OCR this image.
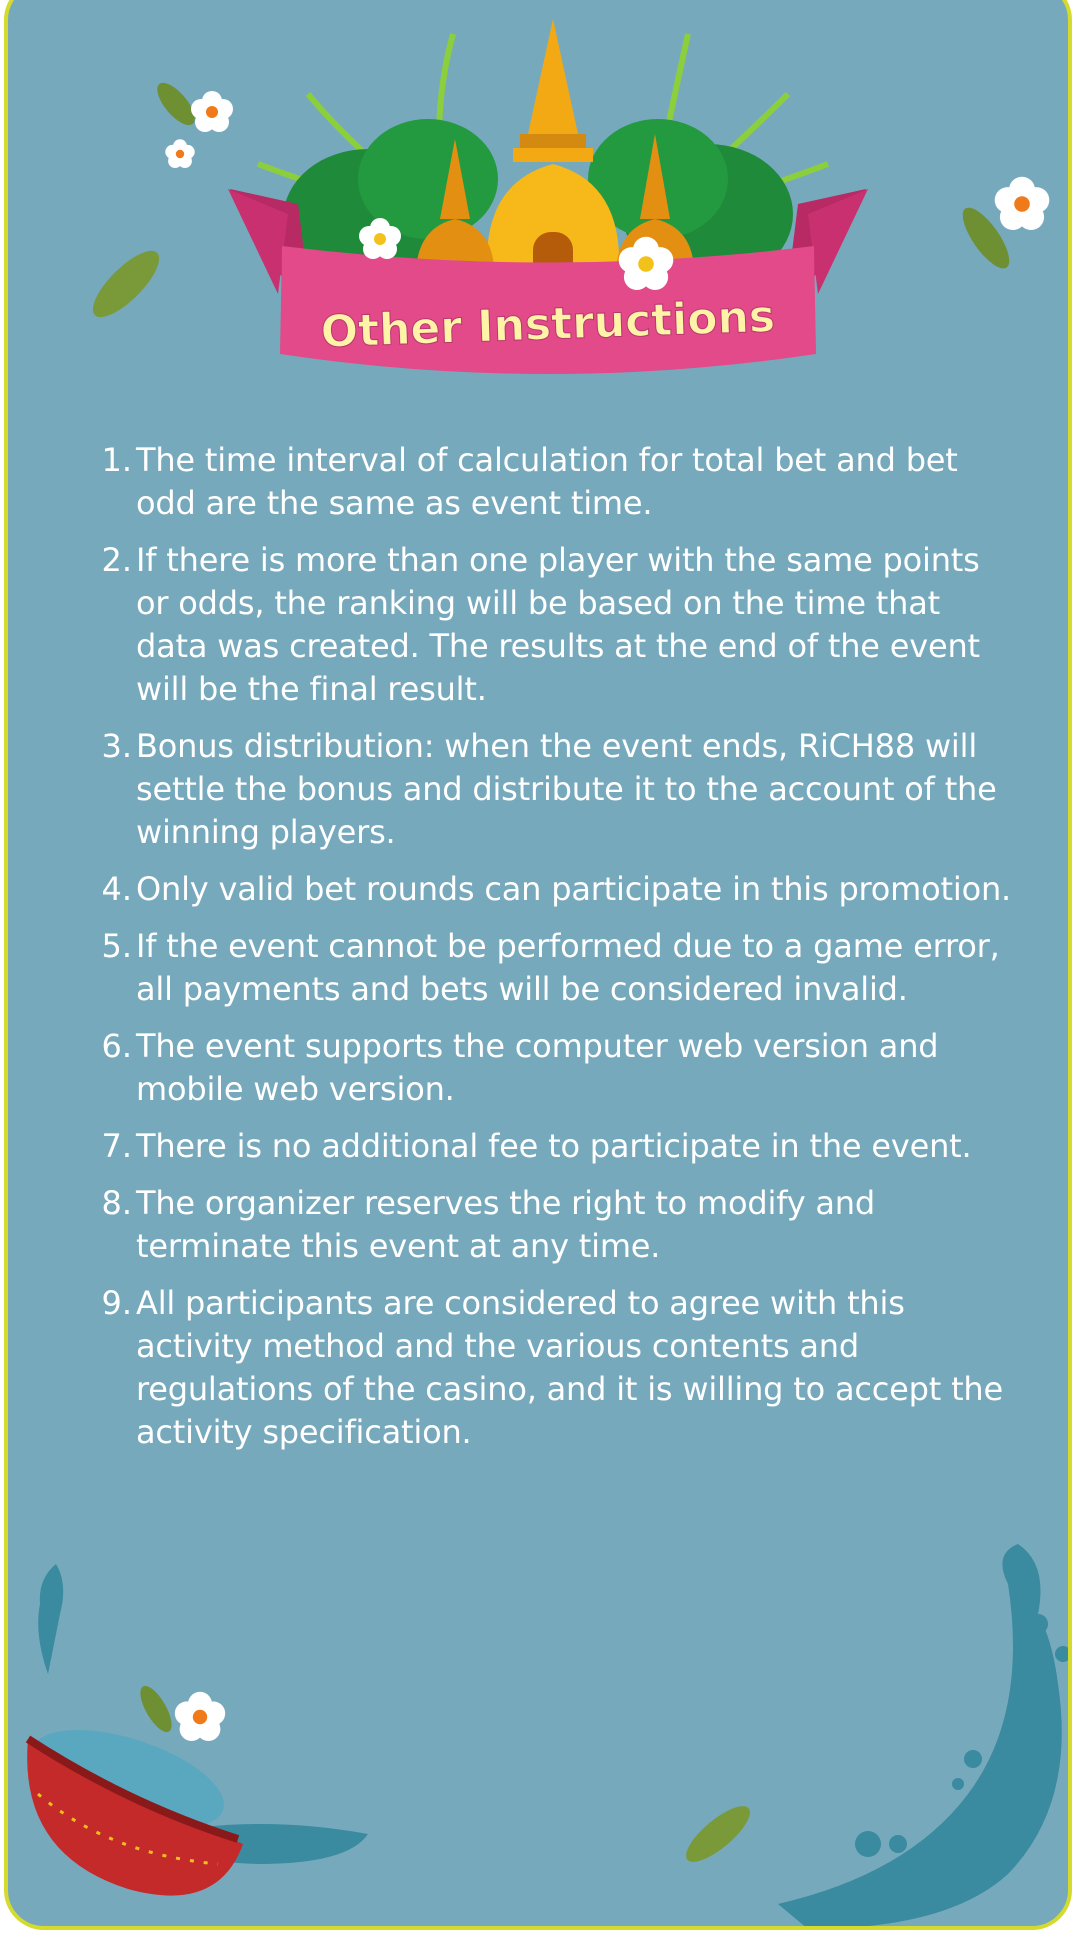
Other Instructions
1. The time interval of calculation for total bet and bet odd are the same as event time.
2. If there is more than one player with the same points or odds, the ranking will be based on the time that data was created. The results at the end of the event will be the final result.
3. Bonus distribution: when the event ends, RiCH88 will settle the bonus and distribute it to the account of the winning players.
4. Only valid bet rounds can participate in this promotion.
5. If the event cannot be performed due to a game error, all payments and bets will be considered invalid.
6. The event supports the computer web version and mobile web version.
7. There is no additional fee to participate in the event.
8. The organizer reserves the right to modify and terminate this event at any time.
9. All participants are considered to agree with this activity method and the various contents and regulations of the casino, and it is willing to accept the activity specification.
